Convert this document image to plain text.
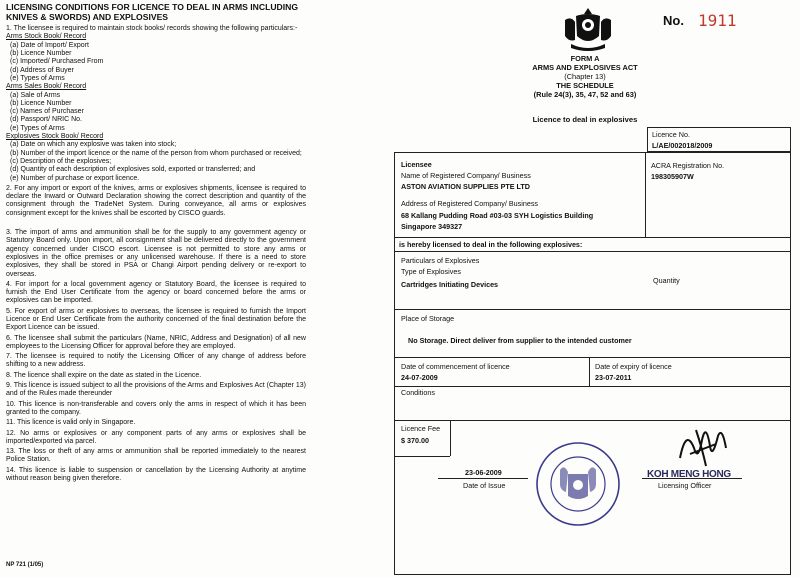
LICENSING CONDITIONS FOR LICENCE TO DEAL IN ARMS INCLUDING KNIVES & SWORDS) AND EXPLOSIVES

1. The licensee is required to maintain stock books/ records showing the following particulars:-

Arms Stock Book/ Record

(a) Date of Import/ Export

(b) Licence Number

(c) Imported/ Purchased From

(d) Address of Buyer

(e) Types of Arms

Arms Sales Book/ Record

(a) Sale of Arms

(b) Licence Number

(c) Names of Purchaser

(d) Passport/ NRIC No.

(e) Types of Arms

Explosives Stock Book/ Record

(a) Date on which any explosive was taken into stock;

(b) Number of the import licence or the name of the person from whom purchased or received;

(c) Description of the explosives;

(d) Quantity of each description of explosives sold, exported or transferred; and

(e) Number of purchase or export licence.

2. For any import or export of the knives, arms or explosives shipments, licensee is required to declare the Inward or Outward Declaration showing the correct description and quantity of the consignment through the TradeNet System. During conveyance, all arms or explosives consignment except for the knives shall be escorted by CISCO guards.

3. The import of arms and ammunition shall be for the supply to any government agency or Statutory Board only. Upon import, all consignment shall be delivered directly to the government agency concerned under CISCO escort. Licensee is not permitted to store any arms or explosives in the office premises or any unlicensed warehouse. If there is a need to store explosives, they shall be stored in PSA or Changi Airport pending delivery or re-export to overseas.

4. For import for a local government agency or Statutory Board, the licensee is required to furnish the End User Certificate from the agency or board concerned before the arms or explosives can be imported.

5. For export of arms or explosives to overseas, the licensee is required to furnish the Import Licence or End User Certificate from the authority concerned of the final destination before the Export Licence can be issued.

6. The licensee shall submit the particulars (Name, NRIC, Address and Designation) of all new employees to the Licensing Officer for approval before they are employed.

7. The licensee is required to notify the Licensing Officer of any change of address before shifting to a new address.

8. The licence shall expire on the date as stated in the Licence.

9. This licence is issued subject to all the provisions of the Arms and Explosives Act (Chapter 13) and of the Rules made thereunder

10. This licence is non-transferable and covers only the arms in respect of which it has been granted to the company.

11. This licence is valid only in Singapore.

12. No arms or explosives or any component parts of any arms or explosives shall be imported/exported via parcel.

13. The loss or theft of any arms or ammunition shall be reported immediately to the nearest Police Station.

14. This licence is liable to suspension or cancellation by the Licensing Authority at anytime without reason being given therefore.

NP 721 (1/05)
No. 1911
FORM A
ARMS AND EXPLOSIVES ACT
(Chapter 13)
THE SCHEDULE
(Rule 24(3), 35, 47, 52 and 63)
Licence to deal in explosives
Licence No.
L/AE/002018/2009
Licensee
Name of Registered Company/ Business
ASTON AVIATION SUPPLIES PTE LTD
ACRA Registration No.
198305907W
Address of Registered Company/ Business
68 Kallang Pudding Road #03-03 SYH Logistics Building
Singapore 349327
is hereby licensed to deal in the following explosives:
Particulars of Explosives
Type of Explosives
Cartridges Initiating Devices	Quantity
Place of Storage
No Storage. Direct deliver from supplier to the intended customer
Date of commencement of licence
24-07-2009
Date of expiry of licence
23-07-2011
Conditions
Licence Fee
$ 370.00
23-06-2009
Date of Issue
KOH MENG HONG
Licensing Officer
